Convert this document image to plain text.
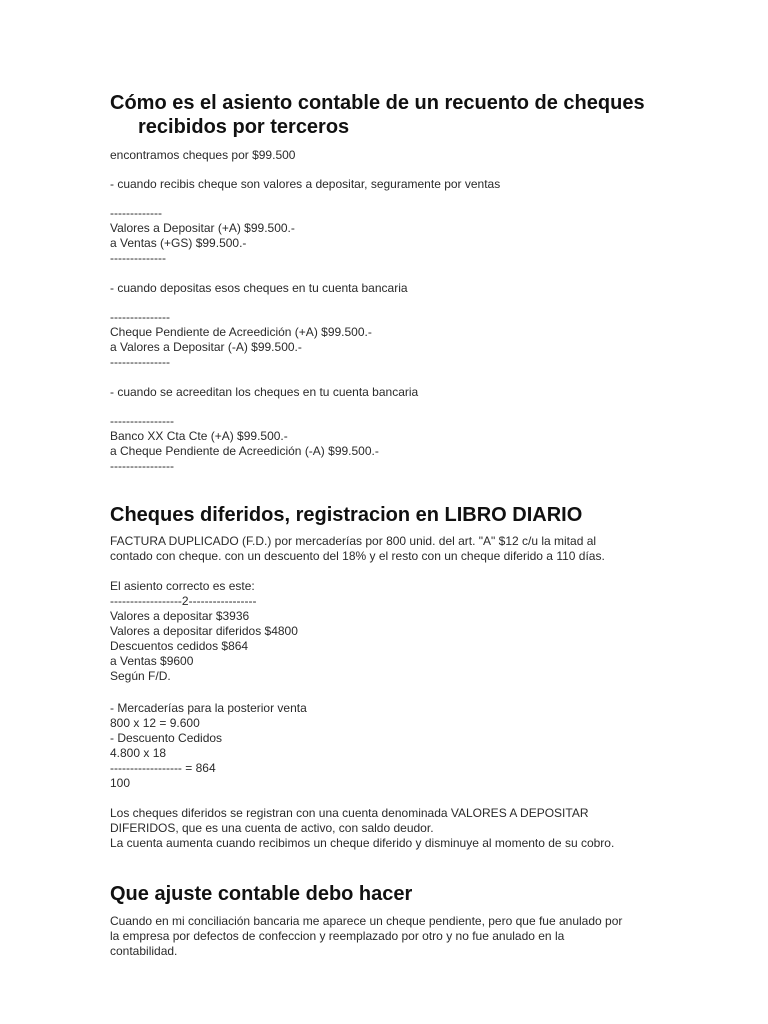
Cómo es el asiento contable de un recuento de cheques
recibidos por terceros
encontramos cheques por $99.500
- cuando recibis cheque son valores a depositar, seguramente por ventas
-------------
Valores a Depositar (+A) $99.500.-
a Ventas (+GS) $99.500.-
--------------
- cuando depositas esos cheques en tu cuenta bancaria
---------------
Cheque Pendiente de Acreedición (+A) $99.500.-
a Valores a Depositar (-A) $99.500.-
---------------
- cuando se acreeditan los cheques en tu cuenta bancaria
----------------
Banco XX Cta Cte (+A) $99.500.-
a Cheque Pendiente de Acreedición (-A) $99.500.-
----------------
Cheques diferidos, registracion en LIBRO DIARIO
FACTURA DUPLICADO (F.D.) por mercaderías por 800 unid. del art. "A" $12 c/u la mitad al
contado con cheque. con un descuento del 18% y el resto con un cheque diferido a 110 días.
El asiento correcto es este:
------------------2-----------------
Valores a depositar $3936
Valores a depositar diferidos $4800
Descuentos cedidos $864
a Ventas $9600
Según F/D.
- Mercaderías para la posterior venta
800 x 12 = 9.600
- Descuento Cedidos
4.800 x 18
------------------ = 864
100
Los cheques diferidos se registran con una cuenta denominada VALORES A DEPOSITAR
DIFERIDOS, que es una cuenta de activo, con saldo deudor.
La cuenta aumenta cuando recibimos un cheque diferido y disminuye al momento de su cobro.
Que ajuste contable debo hacer
Cuando en mi conciliación bancaria me aparece un cheque pendiente, pero que fue anulado por
la empresa por defectos de confeccion y reemplazado por otro y no fue anulado en la
contabilidad.
